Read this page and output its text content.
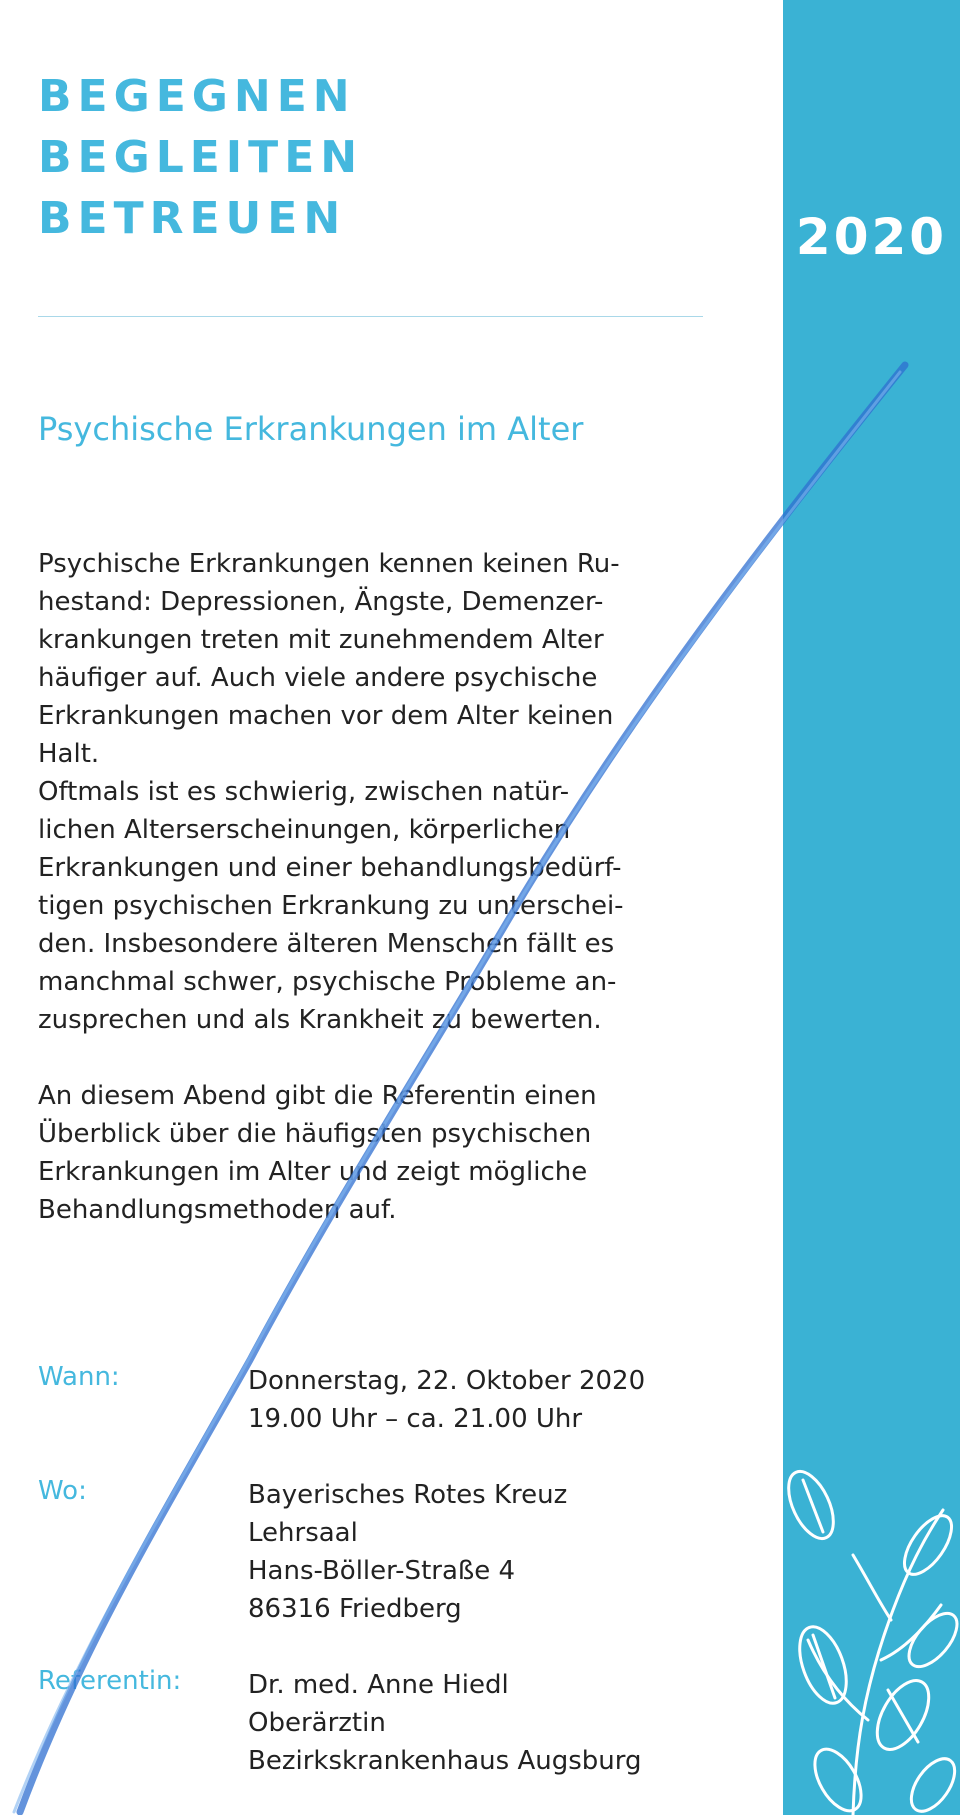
2020
BEGEGNEN
BEGLEITEN
BETREUEN
Psychische Erkrankungen im Alter

Psychische Erkrankungen kennen keinen Ru-

hestand: Depressionen, Ängste, Demenzer-

krankungen treten mit zunehmendem Alter

häufiger auf. Auch viele andere psychische

Erkrankungen machen vor dem Alter keinen

Halt.

Oftmals ist es schwierig, zwischen natür-

lichen Alterserscheinungen, körperlichen

Erkrankungen und einer behandlungsbedürf-

tigen psychischen Erkrankung zu unterschei-

den. Insbesondere älteren Menschen fällt es

manchmal schwer, psychische Probleme an-

zusprechen und als Krankheit zu bewerten.

An diesem Abend gibt die Referentin einen

Überblick über die häufigsten psychischen

Erkrankungen im Alter und zeigt mögliche

Behandlungsmethoden auf.

Wann:	Donnerstag, 22. Oktober 2020
19.00 Uhr – ca. 21.00 Uhr
Wo:	Bayerisches Rotes Kreuz
Lehrsaal
Hans-Böller-Straße 4
86316 Friedberg
Referentin:	Dr. med. Anne Hiedl
Oberärztin
Bezirkskrankenhaus Augsburg
